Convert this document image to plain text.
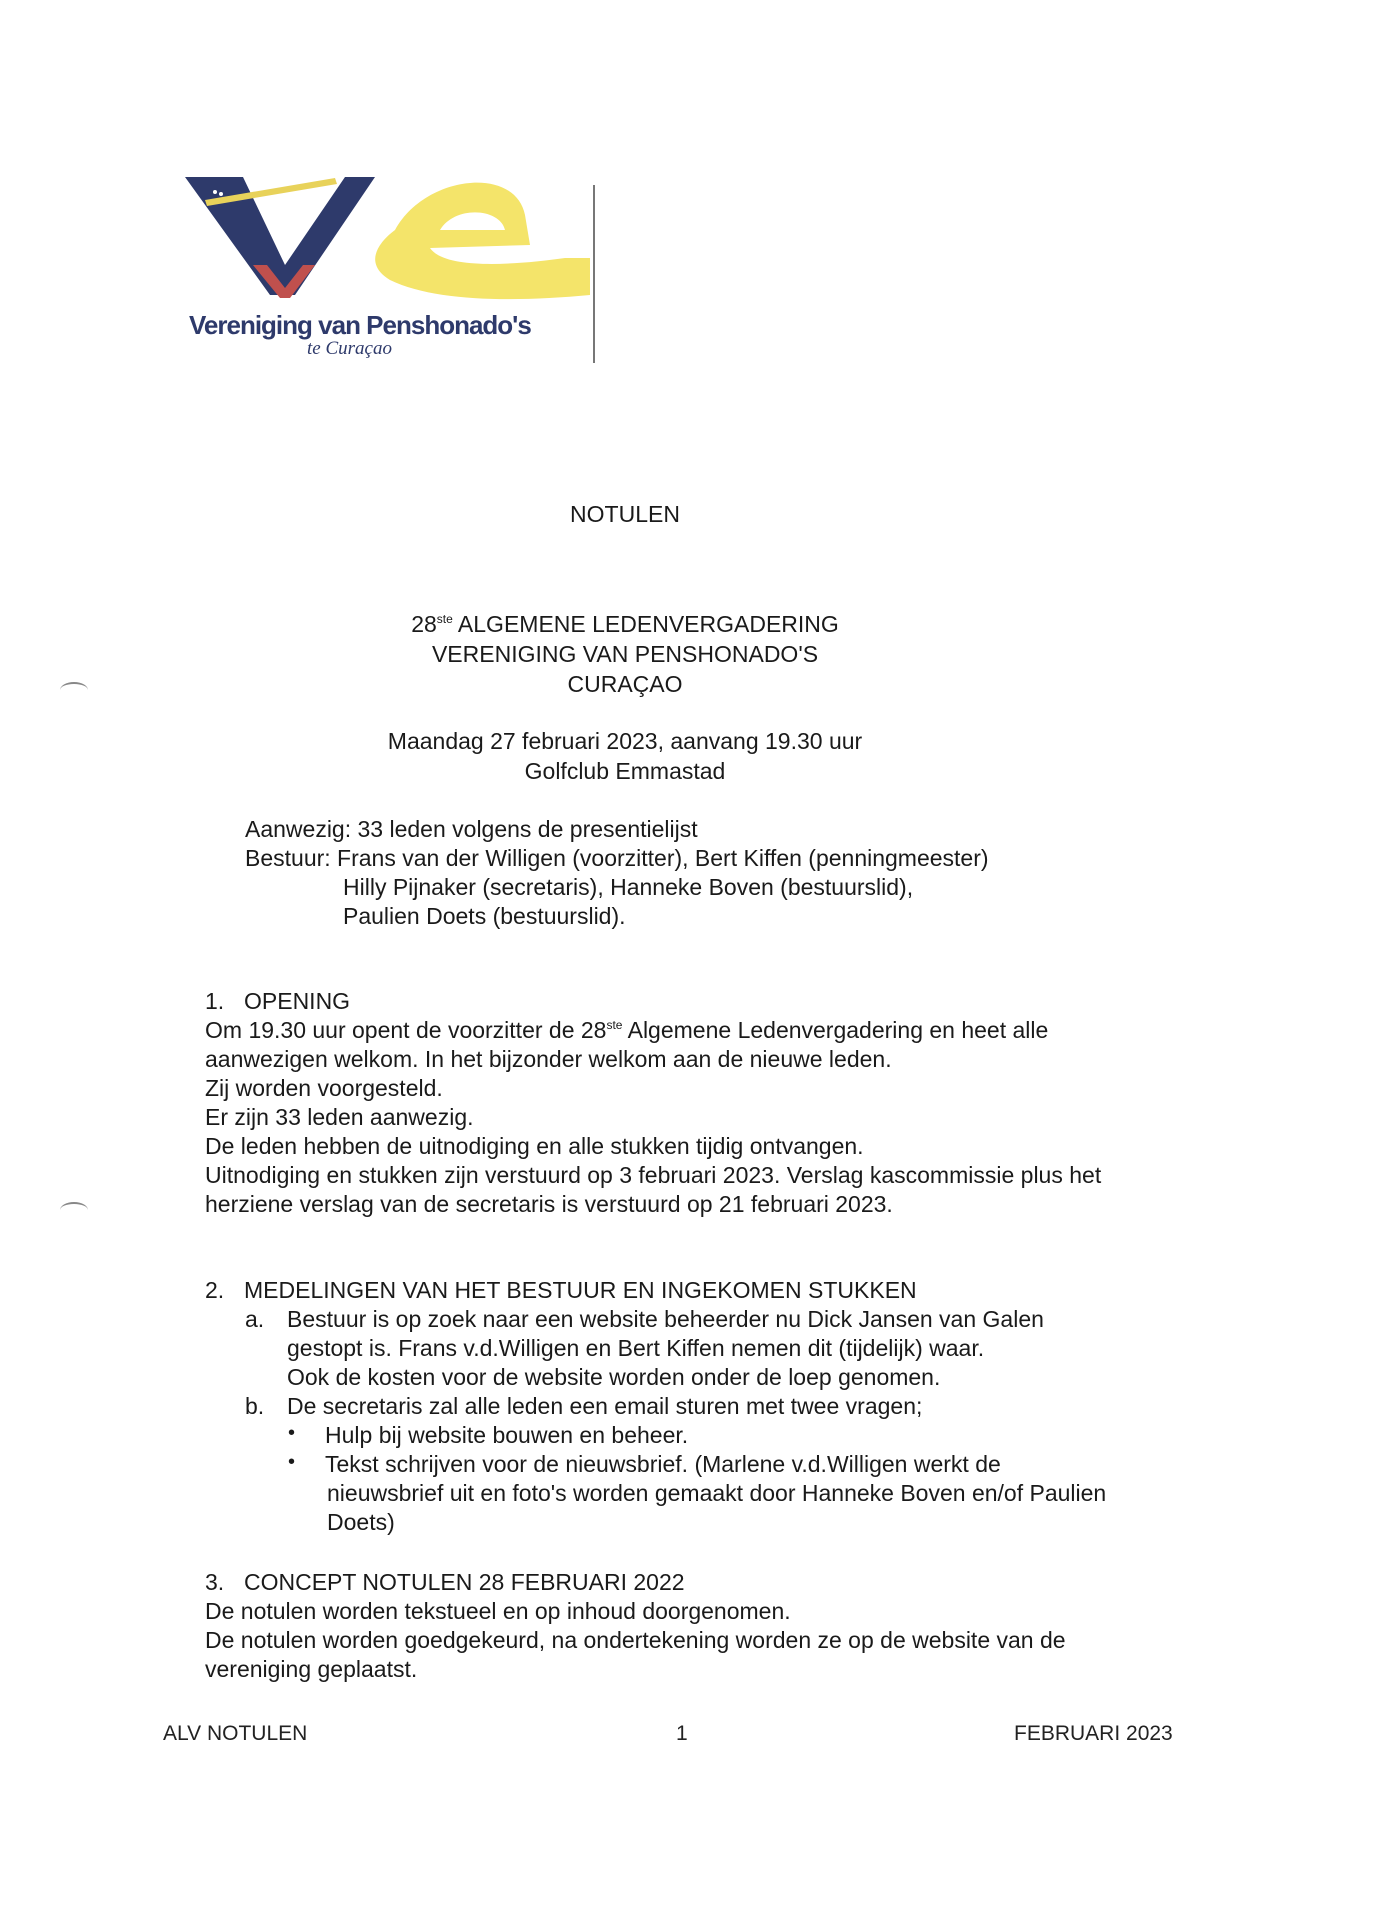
Vereniging van Penshonado's
te Curaçao
NOTULEN
28ste ALGEMENE LEDENVERGADERING
VERENIGING VAN PENSHONADO'S
CURAÇAO
Maandag 27 februari 2023, aanvang 19.30 uur
Golfclub Emmastad
Aanwezig: 33 leden volgens de presentielijst
Bestuur: Frans van der Willigen (voorzitter), Bert Kiffen (penningmeester)
Hilly Pijnaker (secretaris), Hanneke Boven (bestuurslid),
Paulien Doets (bestuurslid).
1. OPENING
Om 19.30 uur opent de voorzitter de 28ste Algemene Ledenvergadering en heet alle
aanwezigen welkom. In het bijzonder welkom aan de nieuwe leden.
Zij worden voorgesteld.
Er zijn 33 leden aanwezig.
De leden hebben de uitnodiging en alle stukken tijdig ontvangen.
Uitnodiging en stukken zijn verstuurd op 3 februari 2023. Verslag kascommissie plus het
herziene verslag van de secretaris is verstuurd op 21 februari 2023.
2. MEDELINGEN VAN HET BESTUUR EN INGEKOMEN STUKKEN
a. Bestuur is op zoek naar een website beheerder nu Dick Jansen van Galen
gestopt is. Frans v.d.Willigen en Bert Kiffen nemen dit (tijdelijk) waar.
Ook de kosten voor de website worden onder de loep genomen.
b. De secretaris zal alle leden een email sturen met twee vragen;
• Hulp bij website bouwen en beheer.
• Tekst schrijven voor de nieuwsbrief. (Marlene v.d.Willigen werkt de
nieuwsbrief uit en foto's worden gemaakt door Hanneke Boven en/of Paulien
Doets)
3. CONCEPT NOTULEN 28 FEBRUARI 2022
De notulen worden tekstueel en op inhoud doorgenomen.
De notulen worden goedgekeurd, na ondertekening worden ze op de website van de
vereniging geplaatst.
ALV NOTULEN	1	FEBRUARI 2023
